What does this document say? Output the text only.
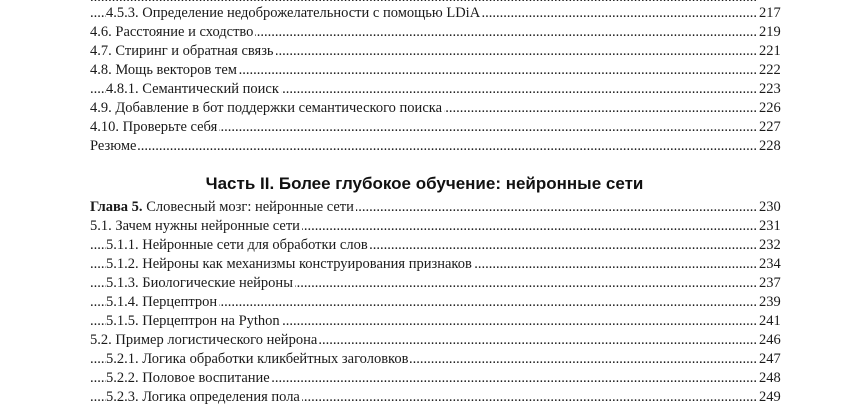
.....
4.5.3. Определение недоброжелательности с помощью LDiA .....	217
4.6. Расстояние и сходство .....	219
4.7. Стиринг и обратная связь .....	221
4.8. Мощь векторов тем .....	222
4.8.1. Семантический поиск .....	223
4.9. Добавление в бот поддержки семантического поиска .....	226
4.10. Проверьте себя .....	227
Резюме .....	228
Часть II. Более глубокое обучение: нейронные сети
Глава 5. Словесный мозг: нейронные сети .....	230
5.1. Зачем нужны нейронные сети .....	231
5.1.1. Нейронные сети для обработки слов .....	232
5.1.2. Нейроны как механизмы конструирования признаков .....	234
5.1.3. Биологические нейроны .....	237
5.1.4. Перцептрон .....	239
5.1.5. Перцептрон на Python .....	241
5.2. Пример логистического нейрона .....	246
5.2.1. Логика обработки кликбейтных заголовков .....	247
5.2.2. Половое воспитание .....	248
5.2.3. Логика определения пола .....	249
